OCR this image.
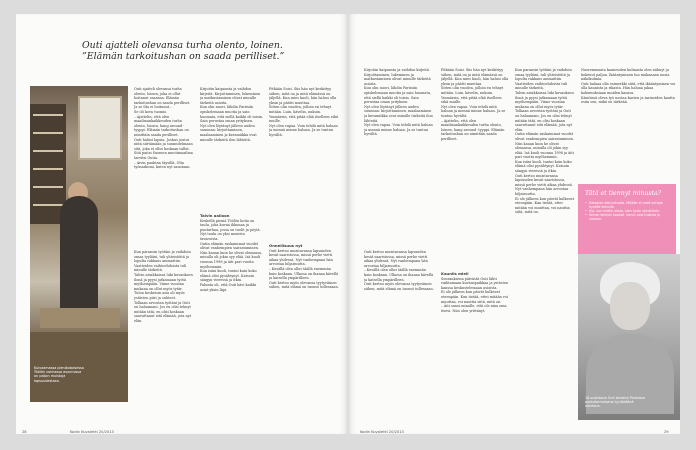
Outi ajatteli olevansa turha olento, loinen.
”Elämän tarkoitushan on saada perilliset.”
Kuivaamassa pienikokoisessa Töölön vanhassa asunnossa on paljon muistoja lapsuudestaan.

Outi ajatteli olevansa turha olento, loinen, joka ei ollut hoitanut osaansa. Elämän tarkoitushan on saada perilliset. Ja se ilta ei hoitunut...

Se oli kova tuomio.

– Ajattelin, että olen maailmankaikkeuden turha olento, loinen, hang around -tyyppi. Elämän tarkoitushan on nimittäin saada perilliset.

Outi halusi lapsia. Joskus joutui niitä siirtämään ja suunnitelmaan sitä, joka ei ollut koskaan tullut.

Sitä paitsi Suomen muotimaailma tarvitsi Outia.

– Aivin paahtan täysillä. Olin työnarkomi, kuten nyt sanotaan.

Kun paransin työtäni ja vaihdoin omaa tyyliäni, tuli yhteistöitä ja lopulta rakkaus ammattiin. Vaatteiden vaihtoehdoista tuli minulle tärkeitä.

Talvin asiakkaissa luki kuvauksen ilonä ja pyysi jatkamaan työtä myöhempään. Viime vuosina mukana on ollut myös tytär.

Tulon keskeisin asia oli myös ystävien piiri ja suhteet.

Tolkaan arvostan työtäni ja Outi on haluamani. Jos en olisi tehnyt mitään tätä, en olisi koskaan saavuttanut sitä elämää, jota nyt elän.

Kirjoitin kaipausta ja vaihdon kirjeitä. Kirjoittaminen, lukeminen ja matkustaminen olivat minulle tärkeitä asioita.

Kun olin nuori, lähdin Pariisiin opiskelemaan muotia ja sain huomata, että siellä kaikki oli toisin. Sain perustaa oman yrityksen.

Nyt olen löytänyt jälleen uuden suunnan: kirjoittaminen, maalaaminen ja keramiikka ovat minulle tärkeitä ilon lähteitä.

Talvin aalloon

Keskellä pieniä Töölön kotia on taulu, joka kuvaa ikkunaa ja puutarhaa, jossa on tuolit ja pöytä. Nyt taulu on yksi monista tavaroista.

Outin elämän raskaimmat vuodet olivat vanhempien sairastuminen. Niin kauan kuin he olivat olemassa, minulla oli jokin syy elää. Isä kuoli vuonna 1998 ja äiti pari vuotta myöhemmin.

Kun isäni kuoli, tuntui kuin koko elämä olisi pysähtynyt. Katsoin sängyn vieressä ja itkin.

Pahinta oli, että Outi kävi kaikki asiat yksin läpi.

Pitkään Soisi. Siis hän nyt keskittyy siihen, mitä on ja mitä elämässä on jäljellä. Kun mies kuoli, hän halusi olla yksin ja päätti muuttaa.

Sitten olin vuoden, jolloin en tehnyt mitään. Luin, kävelin, nukuin. Ymmärsin, että pitää elää itselleen eikä muille.

Nyt olen vapaa. Voin tehdä mitä haluan ja mennä minne haluan. Ja se tuntuu hyvältä.

Onnellisuus nyt

Outi kertoo muistavansa lapsuuden kesät saaristossa, missä perhe vietti aikaa yhdessä. Nyt vanhempana hän arvostaa hiljaisuutta.

– Kesällä olen ollut täällä enemmän kuin koskaan. Ulkona on ihanaa kävellä ja katsella ympärilleen.

Outi kertoo myös olevansa tyytyväinen siihen, mitä elämä on tuonut tullessaan.

Kirjoitin kaipausta ja vaihdon kirjeitä. Kirjoittaminen, lukeminen ja matkustaminen olivat minulle tärkeitä asioita.

Kun olin nuori, lähdin Pariisiin opiskelemaan muotia ja sain huomata, että siellä kaikki oli toisin. Sain perustaa oman yrityksen.

Nyt olen löytänyt jälleen uuden suunnan: kirjoittaminen, maalaaminen ja keramiikka ovat minulle tärkeitä ilon lähteitä.

Nyt olen vapaa. Voin tehdä mitä haluan ja mennä minne haluan. Ja se tuntuu hyvältä.

Outi kertoo muistavansa lapsuuden kesät saaristossa, missä perhe vietti aikaa yhdessä. Nyt vanhempana hän arvostaa hiljaisuutta.

– Kesällä olen ollut täällä enemmän kuin koskaan. Ulkona on ihanaa kävellä ja katsella ympärilleen.

Outi kertoo myös olevansa tyytyväinen siihen, mitä elämä on tuonut tullessaan.

Pitkään Soisi. Siis hän nyt keskittyy siihen, mitä on ja mitä elämässä on jäljellä. Kun mies kuoli, hän halusi olla yksin ja päätti muuttaa.

Sitten olin vuoden, jolloin en tehnyt mitään. Luin, kävelin, nukuin. Ymmärsin, että pitää elää itselleen eikä muille.

Nyt olen vapaa. Voin tehdä mitä haluan ja mennä minne haluan. Ja se tuntuu hyvältä.

– Ajattelin, että olen maailmankaikkeuden turha olento, loinen, hang around -tyyppi. Elämän tarkoitushan on nimittäin saada perilliset.

Kauniis mieli

Seurauksena päivästä Outi lähti vaihtamaan kuvauspaikkaa ja ystävien kanssa keskustelemaan asioista.

Ei ole jälkeen kun päivät kulkevat eteenpäin. Kun tietää, ettei mitään voi muuttaa, voi nauttia siitä, mitä on.

– Äiti sanoi minulle, että ole aina oma itsesi. Niin olen yrittänyt.

Kun paransin työtäni ja vaihdoin omaa tyyliäni, tuli yhteistöitä ja lopulta rakkaus ammattiin. Vaatteiden vaihtoehdoista tuli minulle tärkeitä.

Talvin asiakkaissa luki kuvauksen ilonä ja pyysi jatkamaan työtä myöhempään. Viime vuosina mukana on ollut myös tytär.

Tolkaan arvostan työtäni ja Outi on haluamani. Jos en olisi tehnyt mitään tätä, en olisi koskaan saavuttanut sitä elämää, jota nyt elän.

Outin elämän raskaimmat vuodet olivat vanhempien sairastuminen. Niin kauan kuin he olivat olemassa, minulla oli jokin syy elää. Isä kuoli vuonna 1998 ja äiti pari vuotta myöhemmin.

Kun isäni kuoli, tuntui kuin koko elämä olisi pysähtynyt. Katsoin sängyn vieressä ja itkin.

Outi kertoo muistavansa lapsuuden kesät saaristossa, missä perhe vietti aikaa yhdessä. Nyt vanhempana hän arvostaa hiljaisuutta.

Ei ole jälkeen kun päivät kulkevat eteenpäin. Kun tietää, ettei mitään voi muuttaa, voi nauttia siitä, mitä on.

Nuoremmasta kauneuden kulmasta olen nähnyt ja kokenut paljon. Ikääntyminen tuo mukanaan uusia näkökulmia.

Outi haluaa olla esimerkki siitä, että ikääntyminen voi olla kaunista ja rikasta. Hän haluaa jakaa kokemuksiaan muiden kanssa.

Käsiöissä oleva työ nostaa kuvien ja tarinoiden kautta esiin sen, mikä on tärkeää.

Tätä et tiennyt minusta?
• Rakastan keinuntuolia. Mikään ei vedä vertoja hyvälle keinulle.
• Nyt, kun mietin asiaa, olen hyvin onnellinen.
• Kerran keinuin kovasti, lensin pois tuolista ja nauroin.
18-vuotiaana Outi korostui Pariisissa pariisitarmaisena tyylikkäänä olentona.
28	Kodin Kuvalehti 20/2013	Kodin Kuvalehti 20/2013	29
